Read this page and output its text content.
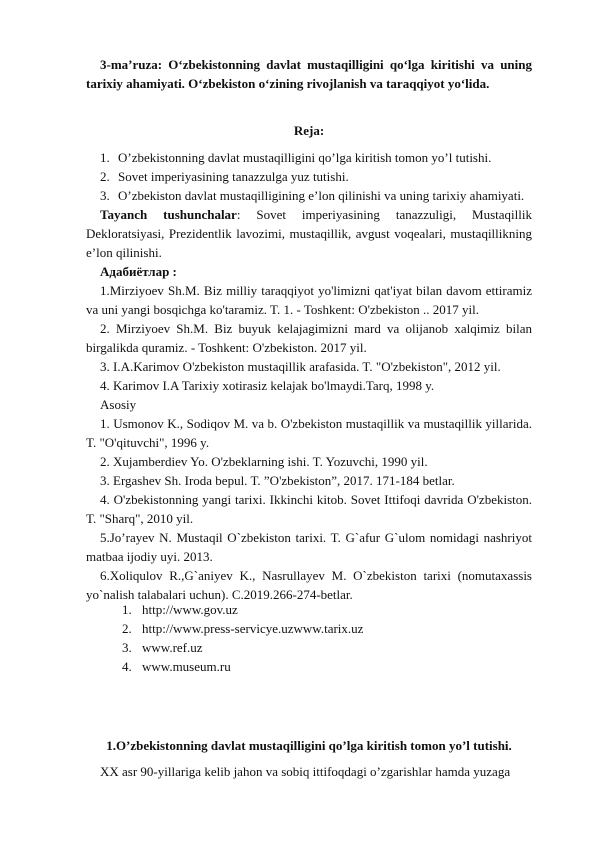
3-ma’ruza: O‘zbekistonning davlat mustaqilligini qo‘lga kiritishi va uning tarixiy ahamiyati. O‘zbekiston o‘zining rivojlanish va taraqqiyot yo‘lida.
Reja:
1. O’zbekistonning davlat mustaqilligini qo’lga kiritish tomon yo’l tutishi.
2. Sovet imperiyasining tanazzulga yuz tutishi.
3. O’zbekiston davlat mustaqilligining e’lon qilinishi va uning tarixiy ahamiyati.
Tayanch tushunchalar: Sovet imperiyasining tanazzuligi, Mustaqillik Dekloratsiyasi, Prezidentlik lavozimi, mustaqillik, avgust voqealari, mustaqillikning e’lon qilinishi.

Адабиётлар :

1.Mirziyoev Sh.M. Biz milliy taraqqiyot yo'limizni qat'iyat bilan davom ettiramiz va uni yangi bosqichga ko'taramiz. T. 1. - Toshkent: O'zbekiston .. 2017 yil.

2. Mirziyoev Sh.M. Biz buyuk kelajagimizni mard va olijanob xalqimiz bilan birgalikda quramiz. - Toshkent: O'zbekiston. 2017 yil.

3. I.A.Karimov O'zbekiston mustaqillik arafasida. T. "O'zbekiston", 2012 yil.

4. Karimov I.A Tarixiy xotirasiz kelajak bo'lmaydi.Tarq, 1998 y.

Asosiy

1. Usmonov K., Sodiqov M. va b. O'zbekiston mustaqillik va mustaqillik yillarida. T. "O'qituvchi", 1996 y.

2. Xujamberdiev Yo. O'zbeklarning ishi. T. Yozuvchi, 1990 yil.

3. Ergashev Sh. Iroda bepul. T. ”O'zbekiston”, 2017. 171-184 betlar.

4. O'zbekistonning yangi tarixi. Ikkinchi kitob. Sovet Ittifoqi davrida O'zbekiston. T. "Sharq", 2010 yil.

5.Jo’rayev N. Mustaqil O`zbekiston tarixi. T. G`afur G`ulom nomidagi nashriyot matbaa ijodiy uyi. 2013.

6.Xoliqulov R.,G`aniyev K., Nasrullayev M. O`zbekiston tarixi (nomutaxassis yo`nalish talabalari uchun). C.2019.266-274-betlar.

1. http://www.gov.uz
2. http://www.press-servicye.uzwww.tarix.uz
3. www.ref.uz
4. www.museum.ru
1.O’zbekistonning davlat mustaqilligini qo’lga kiritish tomon yo’l tutishi.
XX asr 90-yillariga kelib jahon va sobiq ittifoqdagi o’zgarishlar hamda yuzaga
